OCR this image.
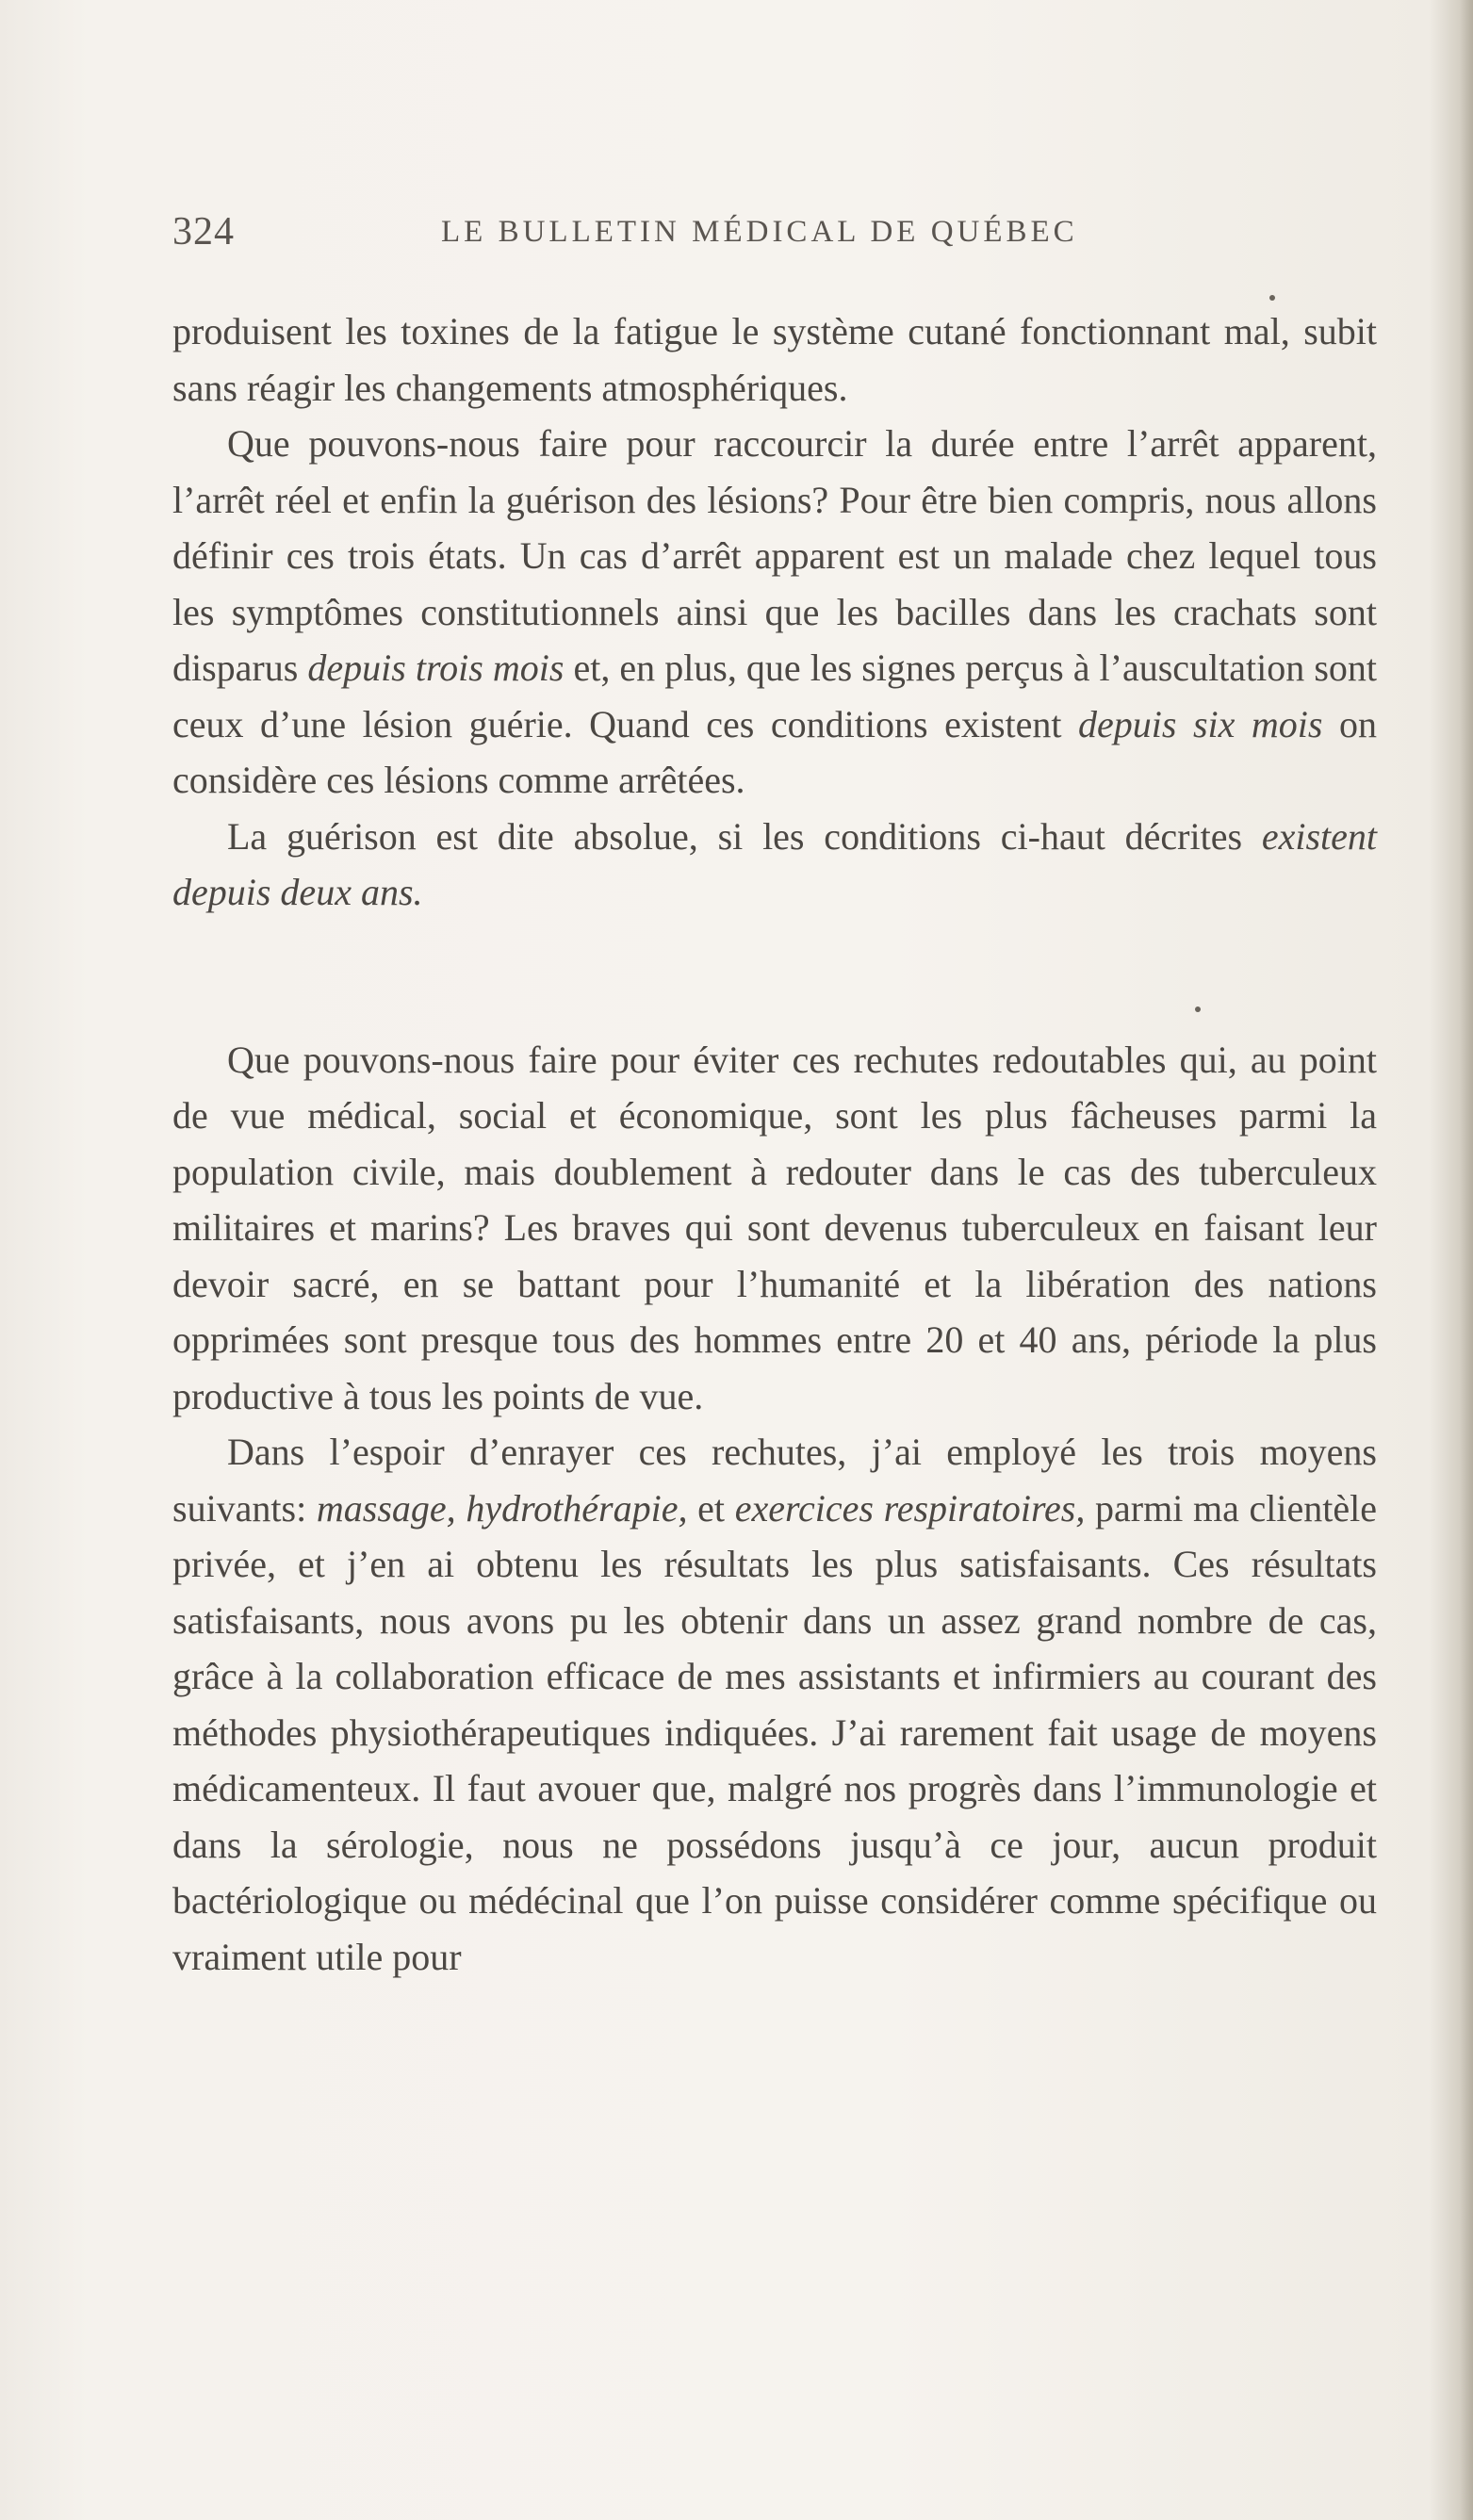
324	LE BULLETIN MÉDICAL DE QUÉBEC

produisent les toxines de la fatigue le système cutané fonctionnant mal, subit sans réagir les changements atmosphériques.

Que pouvons-nous faire pour raccourcir la durée entre l’arrêt apparent, l’arrêt réel et enfin la guérison des lésions? Pour être bien compris, nous allons définir ces trois états. Un cas d’arrêt apparent est un malade chez lequel tous les symptômes constitutionnels ainsi que les bacilles dans les crachats sont disparus depuis trois mois et, en plus, que les signes perçus à l’auscultation sont ceux d’une lésion guérie. Quand ces conditions existent depuis six mois on considère ces lésions comme arrêtées.

La guérison est dite absolue, si les conditions ci-haut décrites existent depuis deux ans.

Que pouvons-nous faire pour éviter ces rechutes redoutables qui, au point de vue médical, social et économique, sont les plus fâcheuses parmi la population civile, mais doublement à redouter dans le cas des tuberculeux militaires et marins? Les braves qui sont devenus tuberculeux en faisant leur devoir sacré, en se battant pour l’humanité et la libération des nations opprimées sont presque tous des hommes entre 20 et 40 ans, période la plus productive à tous les points de vue.

Dans l’espoir d’enrayer ces rechutes, j’ai employé les trois moyens suivants: massage, hydrothérapie, et exercices respiratoires, parmi ma clientèle privée, et j’en ai obtenu les résultats les plus satisfaisants. Ces résultats satisfaisants, nous avons pu les obtenir dans un assez grand nombre de cas, grâce à la collaboration efficace de mes assistants et infirmiers au courant des méthodes physiothérapeutiques indiquées. J’ai rarement fait usage de moyens médicamenteux. Il faut avouer que, malgré nos progrès dans l’immunologie et dans la sérologie, nous ne possédons jusqu’à ce jour, aucun produit bactériologique ou médécinal que l’on puisse considérer comme spécifique ou vraiment utile pour
